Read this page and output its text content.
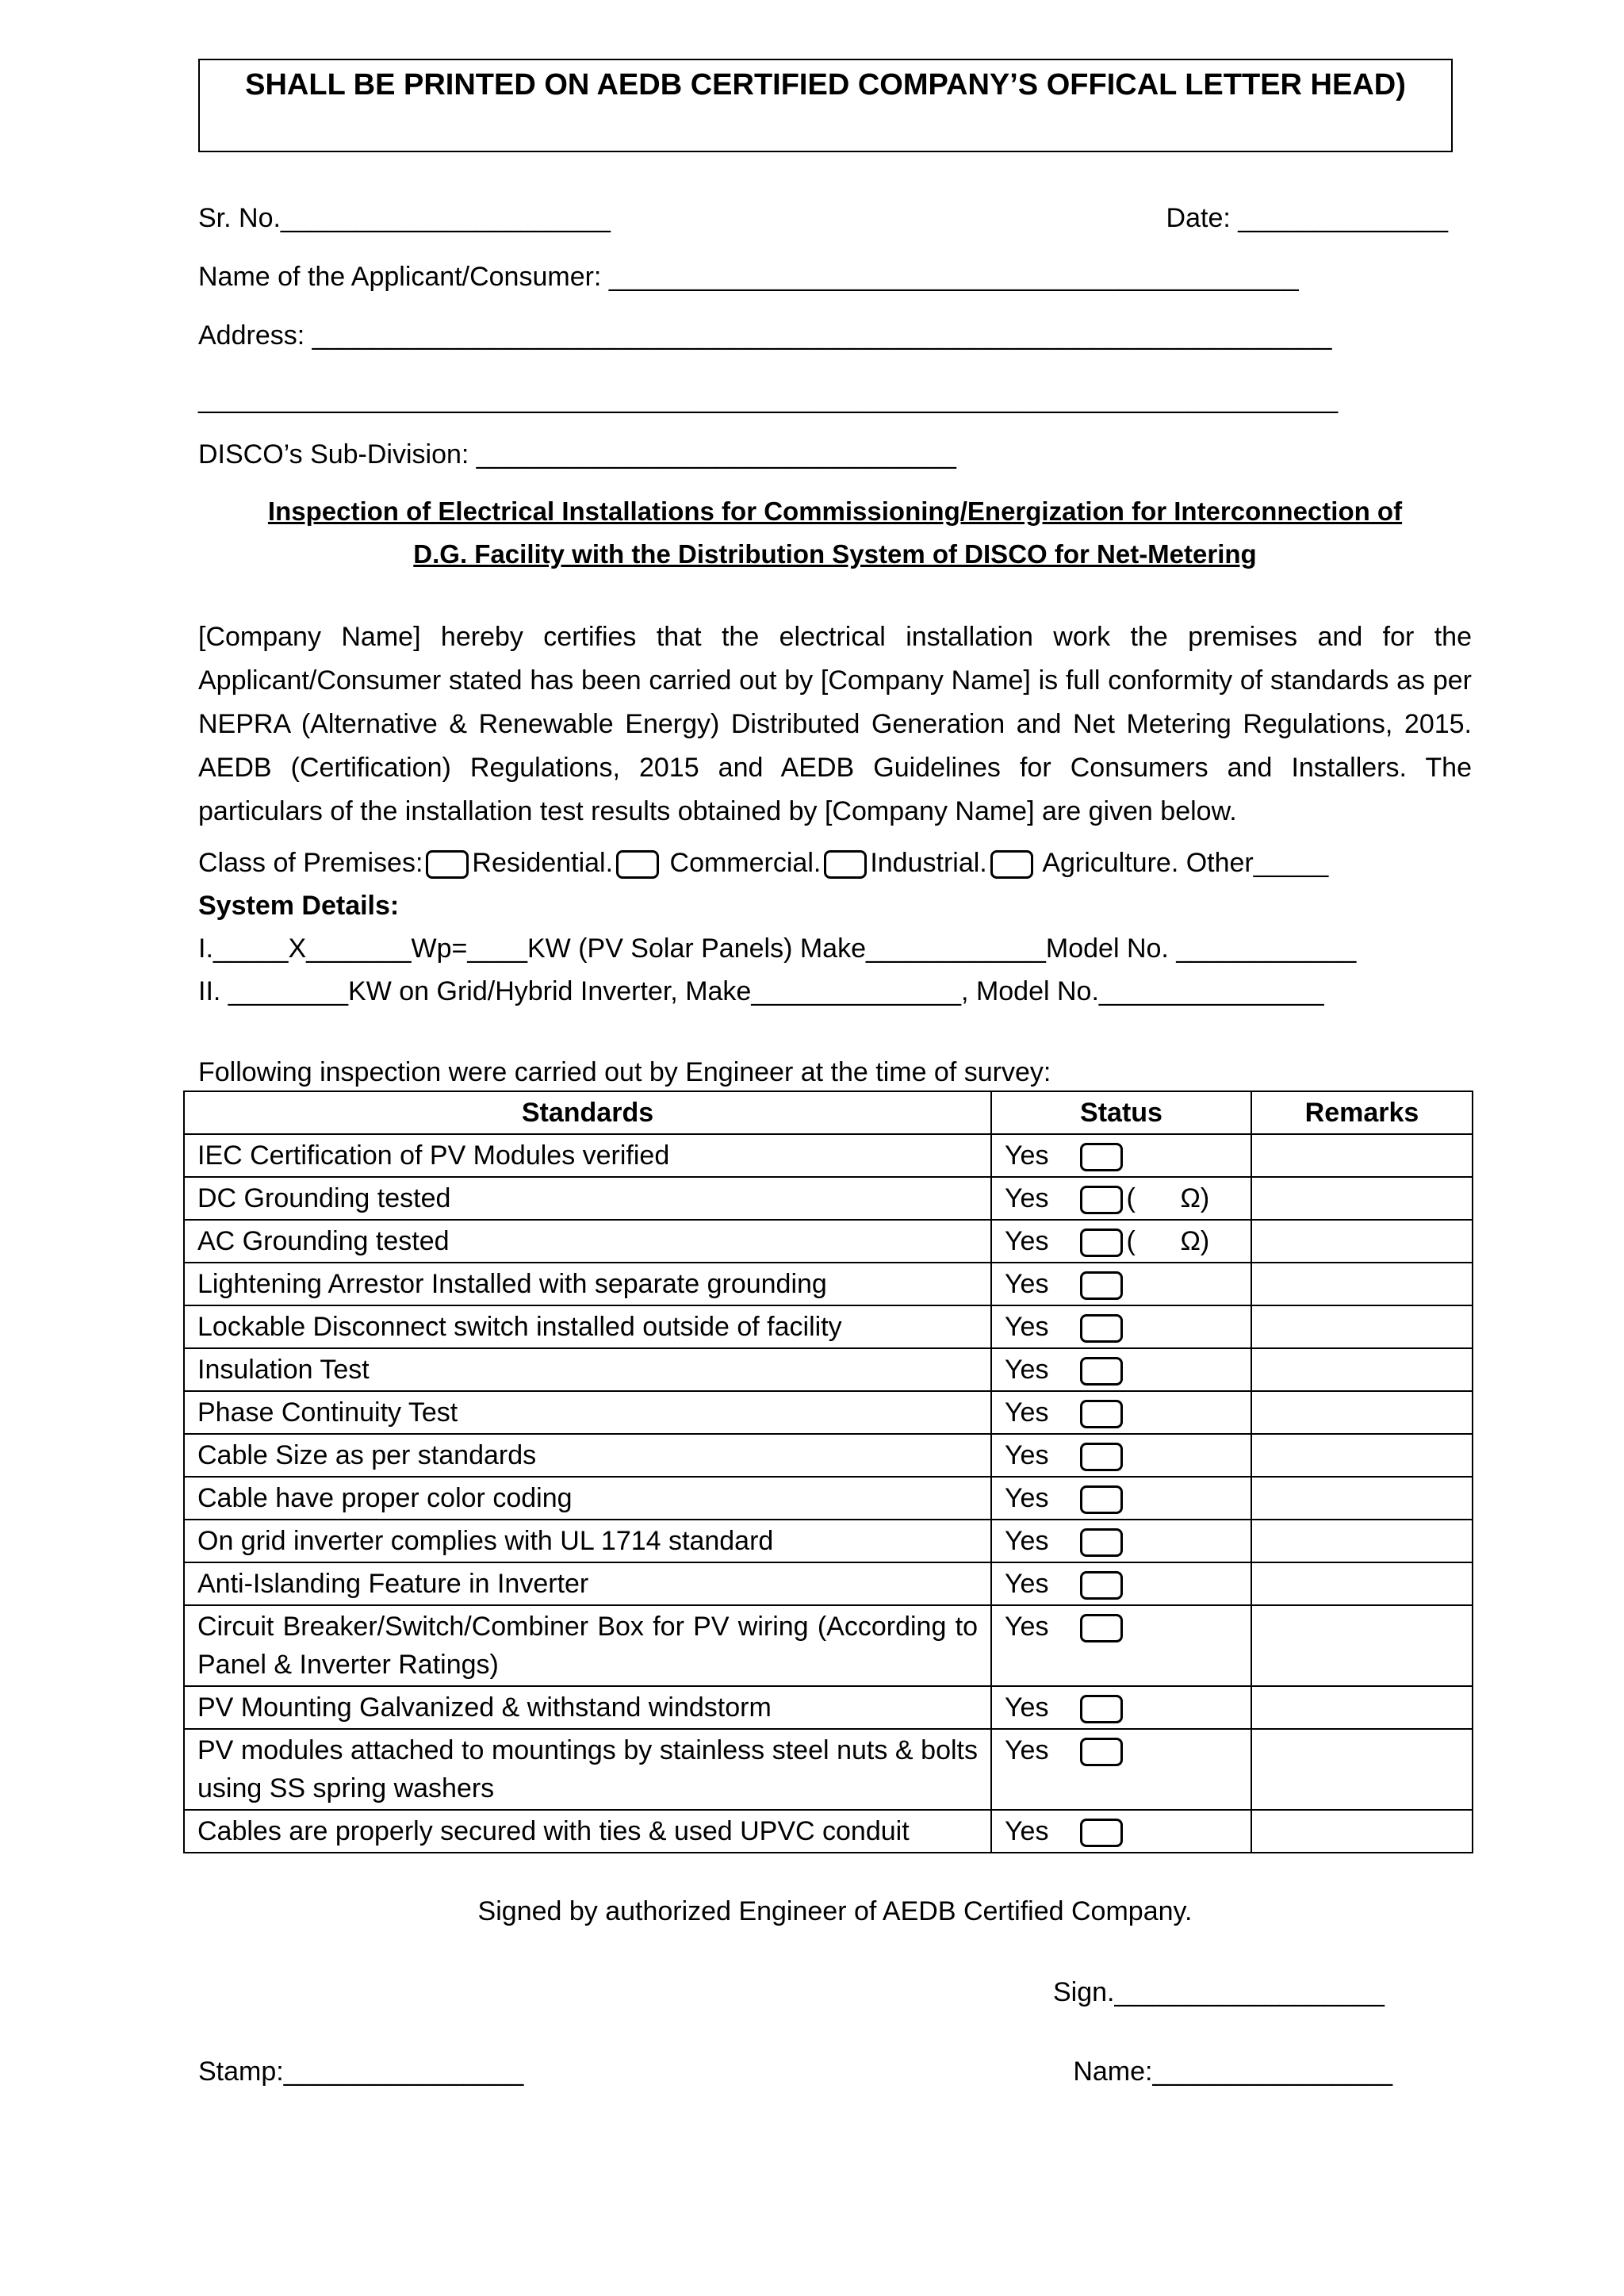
SHALL BE PRINTED ON AEDB CERTIFIED COMPANY’S OFFICAL LETTER HEAD)
Sr. No.______________________	Date: ______________
Name of the Applicant/Consumer: ______________________________________________
Address: ____________________________________________________________________
____________________________________________________________________________
DISCO’s Sub-Division: ________________________________
Inspection of Electrical Installations for Commissioning/Energization for Interconnection of
D.G. Facility with the Distribution System of DISCO for Net-Metering
[Company Name] hereby certifies that the electrical installation work the premises and for the Applicant/Consumer stated has been carried out by [Company Name] is full conformity of standards as per NEPRA (Alternative & Renewable Energy) Distributed Generation and Net Metering Regulations, 2015. AEDB (Certification) Regulations, 2015 and AEDB Guidelines for Consumers and Installers. The particulars of the installation test results obtained by [Company Name] are given below.
Class of Premises: Residential. Commercial. Industrial. Agriculture. Other_____
System Details:
I._____X_______Wp=____KW (PV Solar Panels) Make____________Model No. ____________
II. ________KW on Grid/Hybrid Inverter, Make______________, Model No._______________
Following inspection were carried out by Engineer at the time of survey:
Standards	Status	Remarks
IEC Certification of PV Modules verified	Yes	
DC Grounding tested	Yes (      Ω)	
AC Grounding tested	Yes (      Ω)	
Lightening Arrestor Installed with separate grounding	Yes	
Lockable Disconnect switch installed outside of facility	Yes	
Insulation Test	Yes	
Phase Continuity Test	Yes	
Cable Size as per standards	Yes	
Cable have proper color coding	Yes	
On grid inverter complies with UL 1714 standard	Yes	
Anti-Islanding Feature in Inverter	Yes	
Circuit Breaker/Switch/Combiner Box for PV wiring (According to Panel & Inverter Ratings)	Yes	
PV Mounting Galvanized & withstand windstorm	Yes	
PV modules attached to mountings by stainless steel nuts & bolts using SS spring washers	Yes	
Cables are properly secured with ties & used UPVC conduit	Yes	
Signed by authorized Engineer of AEDB Certified Company.
Sign.__________________
Stamp:________________	Name:________________
